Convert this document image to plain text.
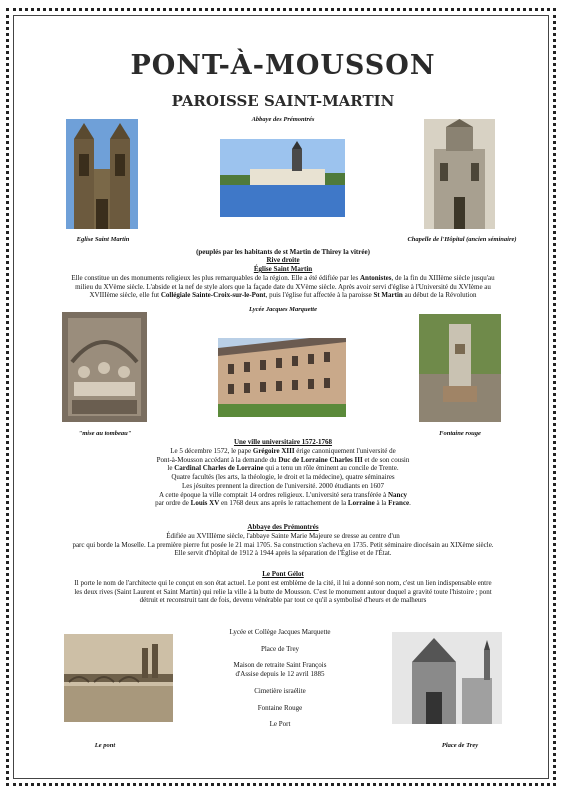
PONT-À-MOUSSON
PAROISSE SAINT-MARTIN
Abbaye des Prémontrés
Eglise Saint Martin	Chapelle de l'Hôpital (ancien séminaire)
(peuplés par les habitants de st Martin de Thirey la vitrée)
Rive droite
Église Saint Martin
Elle constitue un des monuments religieux les plus remarquables de la région. Elle a été édifiée par les Antonistes, de la fin du XIIIème siècle jusqu'au
milieu du XVème siècle. L'abside et la nef de style alors que la façade date du XVème siècle. Après avoir servi d'église à l'Université du XVIème au
XVIIIème siècle, elle fut Collégiale Sainte-Croix-sur-le-Pont, puis l'église fut affectée à la paroisse St Martin au début de la Révolution
Lycée Jacques Marquette
"mise au tombeau"	Fontaine rouge
Une ville universitaire 1572-1768
Le 5 décembre 1572, le pape Grégoire XIII érige canoniquement l'université de
Pont-à-Mousson accédant à la demande du Duc de Lorraine Charles III et de son cousin
le Cardinal Charles de Lorraine qui a tenu un rôle éminent au concile de Trente.
Quatre facultés (les arts, la théologie, le droit et la médecine), quatre séminaires
Les jésuites prennent la direction de l'université. 2000 étudiants en 1607
A cette époque la ville comptait 14 ordres religieux. L'université sera transférée à Nancy
par ordre de Louis XV en 1768 deux ans après le rattachement de la Lorraine à la France.
Abbaye des Prémontrés
Édifiée au XVIIIème siècle, l'abbaye Sainte Marie Majeure se dresse au centre d'un
parc qui borde la Moselle. La première pierre fut posée le 21 mai 1705. Sa construction s'acheva en 1735. Petit séminaire diocésain au XIXème siècle.
Elle servit d'hôpital de 1912 à 1944 après la séparation de l'Église et de l'État.
Le Pont Gélot
Il porte le nom de l'architecte qui le conçut en son état actuel. Le pont est emblème de la cité, il lui a donné son nom, c'est un lien indispensable entre
les deux rives (Saint Laurent et Saint Martin) qui relie la ville à la butte de Mousson. C'est le monument autour duquel a gravité toute l'histoire ; pont
détruit et reconstruit tant de fois, devenu vénérable par tout ce qu'il a symbolisé d'heurs et de malheurs
Lycée et Collège Jacques Marquette
Place de Trey
Maison de retraite Saint François
d'Assise depuis le 12 avril 1885
Cimetière israélite
Fontaine Rouge
Le Port
Le pont	Place de Trey
